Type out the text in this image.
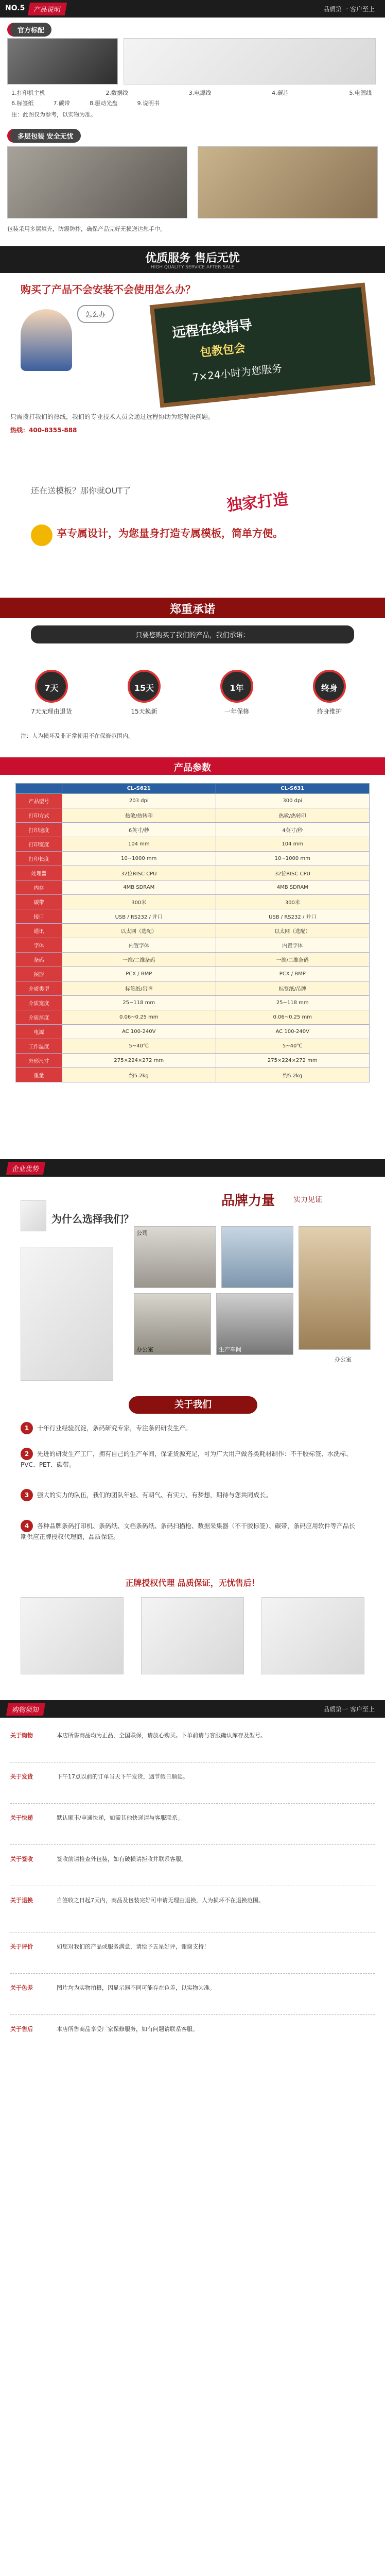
NO.5	产品说明	品质第一 客户至上
官方标配
1.打印机主机	2.数据线	3.电源线	4.碳芯	5.电源线
6.标签纸	7.碳带	8.驱动光盘	9.说明书
注：此图仅为参考，以实物为准。
多层包装 安全无忧
包装采用多层填充，防震防摔，确保产品完好无损送达您手中。
优质服务 售后无忧
HIGH QUALITY SERVICE AFTER SALE
购买了产品不会安装不会使用怎么办？
怎么办
远程在线指导
包教包会
7×24小时为您服务
只需拨打我们的热线，我们的专业技术人员会通过远程协助为您解决问题。
热线：400-8355-888
还在送模板？那你就OUT了	独家打造
享专属设计，为您量身打造专属模板，简单方便。
郑重承诺
只要您购买了我们的产品，我们承诺：
7天
7天无理由退货
15天
15天换新
1年
一年保修
终身
终身维护
注：人为损坏及非正常使用不在保修范围内。
产品参数
	CL-S621	CL-S631
产品型号	203 dpi	300 dpi
打印方式	热敏/热转印	热敏/热转印
打印速度	6英寸/秒	4英寸/秒
打印宽度	104 mm	104 mm
打印长度	10~1000 mm	10~1000 mm
处理器	32位RISC CPU	32位RISC CPU
内存	4MB SDRAM	4MB SDRAM
碳带	300米	300米
接口	USB / RS232 / 并口	USB / RS232 / 并口
通讯	以太网（选配）	以太网（选配）
字体	内置字体	内置字体
条码	一维/二维条码	一维/二维条码
图形	PCX / BMP	PCX / BMP
介质类型	标签纸/吊牌	标签纸/吊牌
介质宽度	25~118 mm	25~118 mm
介质厚度	0.06~0.25 mm	0.06~0.25 mm
电源	AC 100-240V	AC 100-240V
工作温度	5~40℃	5~40℃
外形尺寸	275×224×272 mm	275×224×272 mm
重量	约5.2kg	约5.2kg
企业优势
品牌力量	实力见证
为什么选择我们？
公司
办公室	生产车间
办公室
关于我们
1 十年行业经验沉淀，条码研究专家，专注条码研发生产。
2 先进的研发生产工厂，拥有自己的生产车间，保证货源充足，可为广大用户做各类耗材制作：不干胶标签、水洗标、PVC、PET、碳带。
3 强大的实力的队伍，我们的团队年轻、有朝气、有实力、有梦想，期待与您共同成长。
4 各种品牌条码打印机、条码纸、文档条码纸、条码扫描枪、数据采集器（不干胶标签）、碳带，条码应用软件等产品长期供应正牌授权代理商，品质保证。
正牌授权代理 品质保证，无忧售后！
购物须知	品质第一 客户至上
关于购物	本店所售商品均为正品，全国联保，请放心购买。下单前请与客服确认库存及型号。
关于发货	下午17点以前的订单当天下午发货，遇节假日顺延。
关于快递	默认顺丰/申通快递，如需其他快递请与客服联系。
关于签收	签收前请检查外包装，如有破损请拒收并联系客服。
关于退换	自签收之日起7天内，商品及包装完好可申请无理由退换，人为损坏不在退换范围。
关于评价	如您对我们的产品或服务满意，请给予五星好评，谢谢支持！
关于色差	图片均为实物拍摄，因显示器不同可能存在色差，以实物为准。
关于售后	本店所售商品享受厂家保修服务，如有问题请联系客服。
